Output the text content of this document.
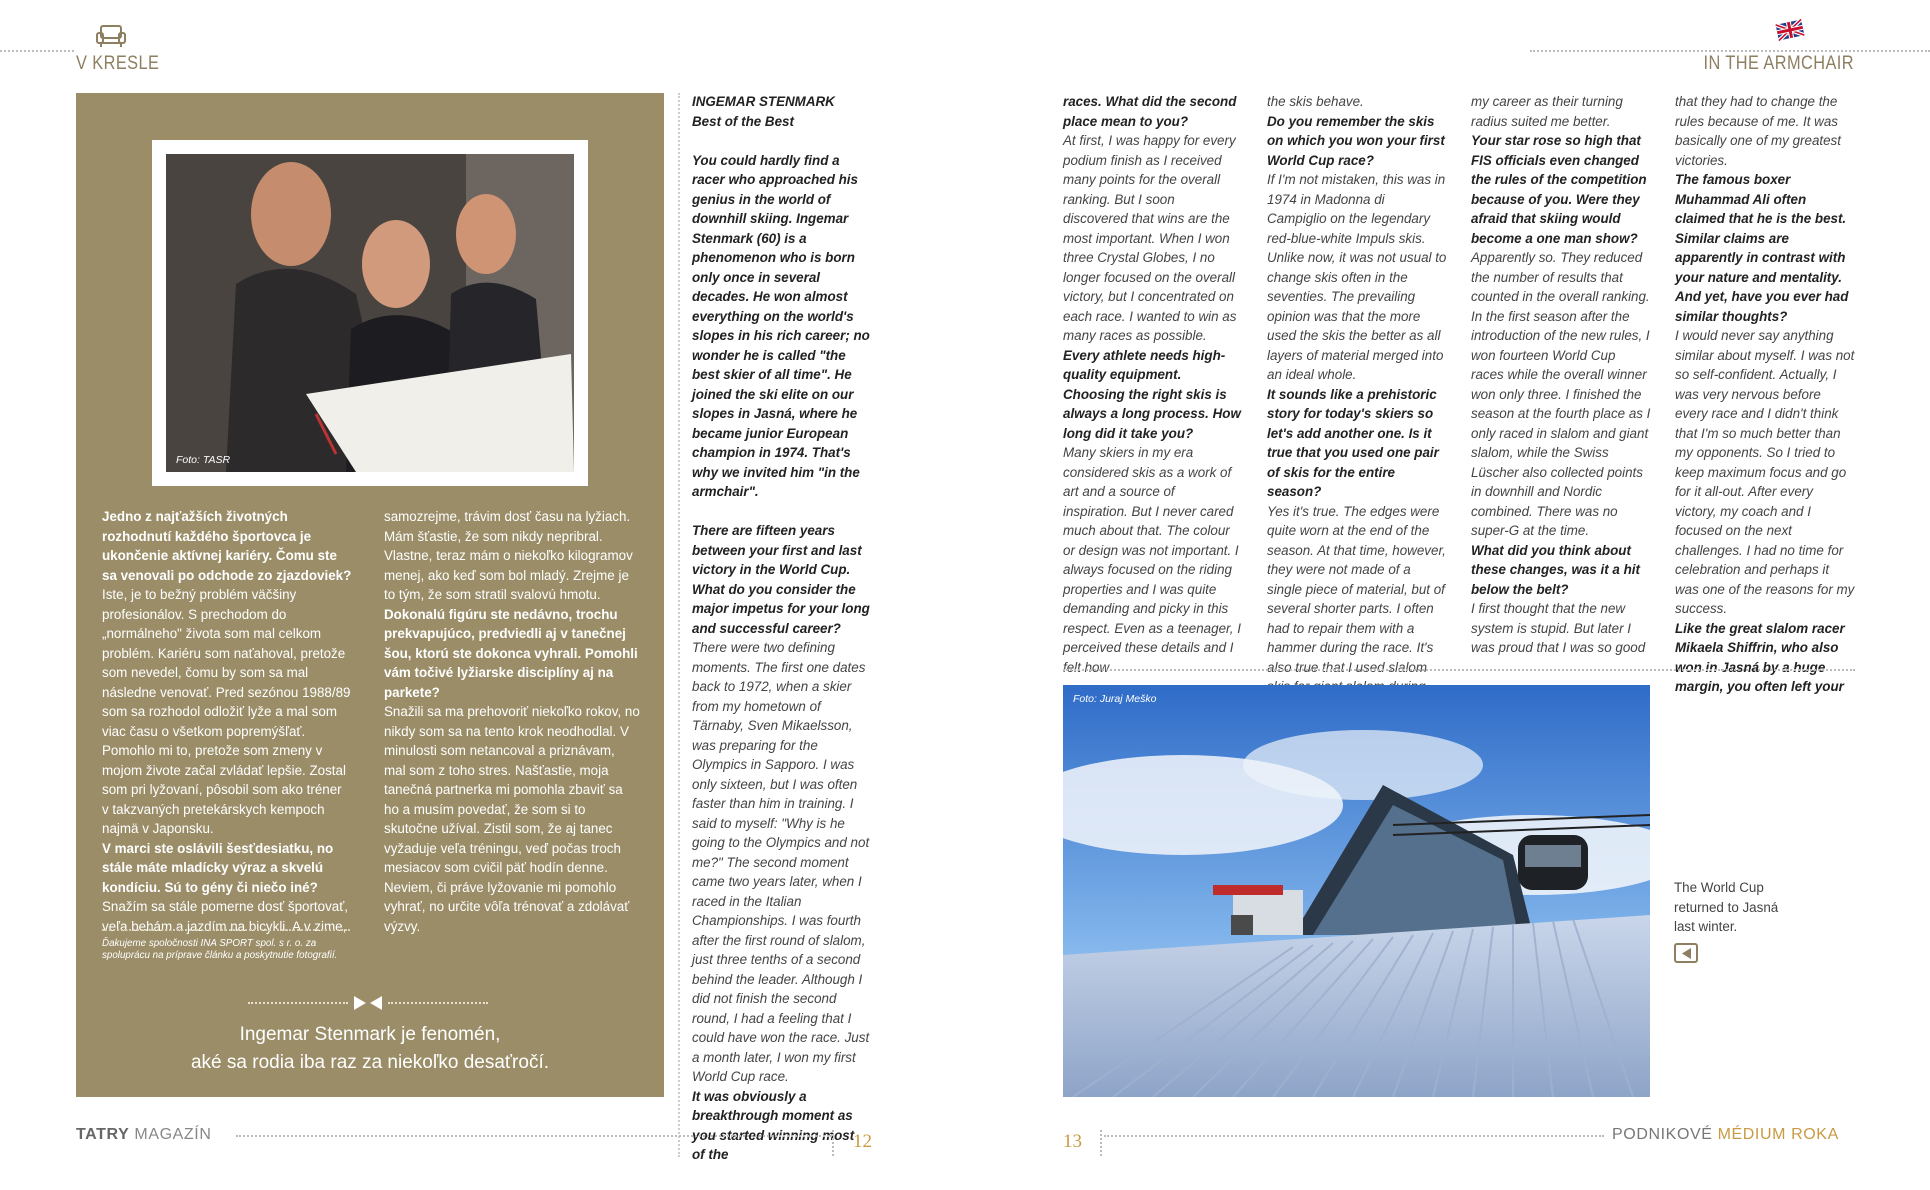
V KRESLE	IN THE ARMCHAIR
Foto: TASR

Jedno z najťažších životných rozhodnutí každého športovca je ukončenie aktívnej kariéry. Čomu ste sa venovali po odchode zo zjazdoviek?

Iste, je to bežný problém väčšiny profesionálov. S prechodom do „normálneho" života som mal celkom problém. Kariéru som naťahoval, pretože som nevedel, čomu by som sa mal následne venovať. Pred sezónou 1988/89 som sa rozhodol odložiť lyže a mal som viac času o všetkom popremýšľať. Pomohlo mi to, pretože som zmeny v mojom živote začal zvládať lepšie. Zostal som pri lyžovaní, pôsobil som ako tréner v takzvaných pretekárskych kempoch najmä v Japonsku.

V marci ste oslávili šesťdesiatku, no stále máte mladícky výraz a skvelú kondíciu. Sú to gény či niečo iné?

Snažím sa stále pomerne dosť športovať, veľa behám a jazdím na bicykli. A v zime,

samozrejme, trávim dosť času na lyžiach. Mám šťastie, že som nikdy nepribral. Vlastne, teraz mám o niekoľko kilogramov menej, ako keď som bol mladý. Zrejme je to tým, že som stratil svalovú hmotu.

Dokonalú figúru ste nedávno, trochu prekvapujúco, predviedli aj v tanečnej šou, ktorú ste dokonca vyhrali. Pomohli vám točivé lyžiarske disciplíny aj na parkete?

Snažili sa ma prehovoriť niekoľko rokov, no nikdy som sa na tento krok neodhodlal. V minulosti som netancoval a priznávam, mal som z toho stres. Našťastie, moja tanečná partnerka mi pomohla zbaviť sa ho a musím povedať, že som si to skutočne užíval. Zistil som, že aj tanec vyžaduje veľa tréningu, veď počas troch mesiacov som cvičil päť hodín denne. Neviem, či práve lyžovanie mi pomohlo vyhrať, no určite vôľa trénovať a zdolávať výzvy.

Ďakujeme spoločnosti INA SPORT spol. s r. o. za spoluprácu na príprave článku a poskytnutie fotografií.
Ingemar Stenmark je fenomén,
aké sa rodia iba raz za niekoľko desaťročí.

INGEMAR STENMARK

Best of the Best

You could hardly find a racer who approached his genius in the world of downhill skiing. Ingemar Stenmark (60) is a phenomenon who is born only once in several decades. He won almost everything on the world's slopes in his rich career; no wonder he is called "the best skier of all time". He joined the ski elite on our slopes in Jasná, where he became junior European champion in 1974. That's why we invited him "in the armchair".

There are fifteen years between your first and last victory in the World Cup. What do you consider the major impetus for your long and successful career?

There were two defining moments. The first one dates back to 1972, when a skier from my hometown of Tärnaby, Sven Mikaelsson, was preparing for the Olympics in Sapporo. I was only sixteen, but I was often faster than him in training. I said to myself: "Why is he going to the Olympics and not me?" The second moment came two years later, when I raced in the Italian Championships. I was fourth after the first round of slalom, just three tenths of a second behind the leader. Although I did not finish the second round, I had a feeling that I could have won the race. Just a month later, I won my first World Cup race.

It was obviously a breakthrough moment as you started winning most of the

races. What did the second place mean to you?

At first, I was happy for every podium finish as I received many points for the overall ranking. But I soon discovered that wins are the most important. When I won three Crystal Globes, I no longer focused on the overall victory, but I concentrated on each race. I wanted to win as many races as possible.

Every athlete needs high-quality equipment. Choosing the right skis is always a long process. How long did it take you?

Many skiers in my era considered skis as a work of art and a source of inspiration. But I never cared much about that. The colour or design was not important. I always focused on the riding properties and I was quite demanding and picky in this respect. Even as a teenager, I perceived these details and I felt how

the skis behave.

Do you remember the skis on which you won your first World Cup race?

If I'm not mistaken, this was in 1974 in Madonna di Campiglio on the legendary red-blue-white Impuls skis. Unlike now, it was not usual to change skis often in the seventies. The prevailing opinion was that the more used the skis the better as all layers of material merged into an ideal whole.

It sounds like a prehistoric story for today's skiers so let's add another one. Is it true that you used one pair of skis for the entire season?

Yes it's true. The edges were quite worn at the end of the season. At that time, however, they were not made of a single piece of material, but of several shorter parts. I often had to repair them with a hammer during the race. It's also true that I used slalom

my career as their turning radius suited me better.

Your star rose so high that FIS officials even changed the rules of the competition because of you. Were they afraid that skiing would become a one man show?

Apparently so. They reduced the number of results that counted in the overall ranking. In the first season after the introduction of the new rules, I won fourteen World Cup races while the overall winner won only three. I finished the season at the fourth place as I only raced in slalom and giant slalom, while the Swiss Lüscher also collected points in downhill and Nordic combined. There was no super-G at the time.

What did you think about these changes, was it a hit below the belt?

I first thought that the new system is stupid. But later I was proud that I was so good

that they had to change the rules because of me. It was basically one of my greatest victories.

The famous boxer Muhammad Ali often claimed that he is the best. Similar claims are apparently in contrast with your nature and mentality. And yet, have you ever had similar thoughts?

I would never say anything similar about myself. I was not so self-confident. Actually, I was very nervous before every race and I didn't think that I'm so much better than my opponents. So I tried to keep maximum focus and go for it all-out. After every victory, my coach and I focused on the next challenges. I had no time for celebration and perhaps it was one of the reasons for my success.

Like the great slalom racer Mikaela Shiffrin, who also won in Jasná by a huge margin, you often left your

Foto: Juraj Meško
The World Cup
returned to Jasná
last winter.
TATRY MAGAZÍN	12	13	PODNIKOVÉ MÉDIUM ROKA
